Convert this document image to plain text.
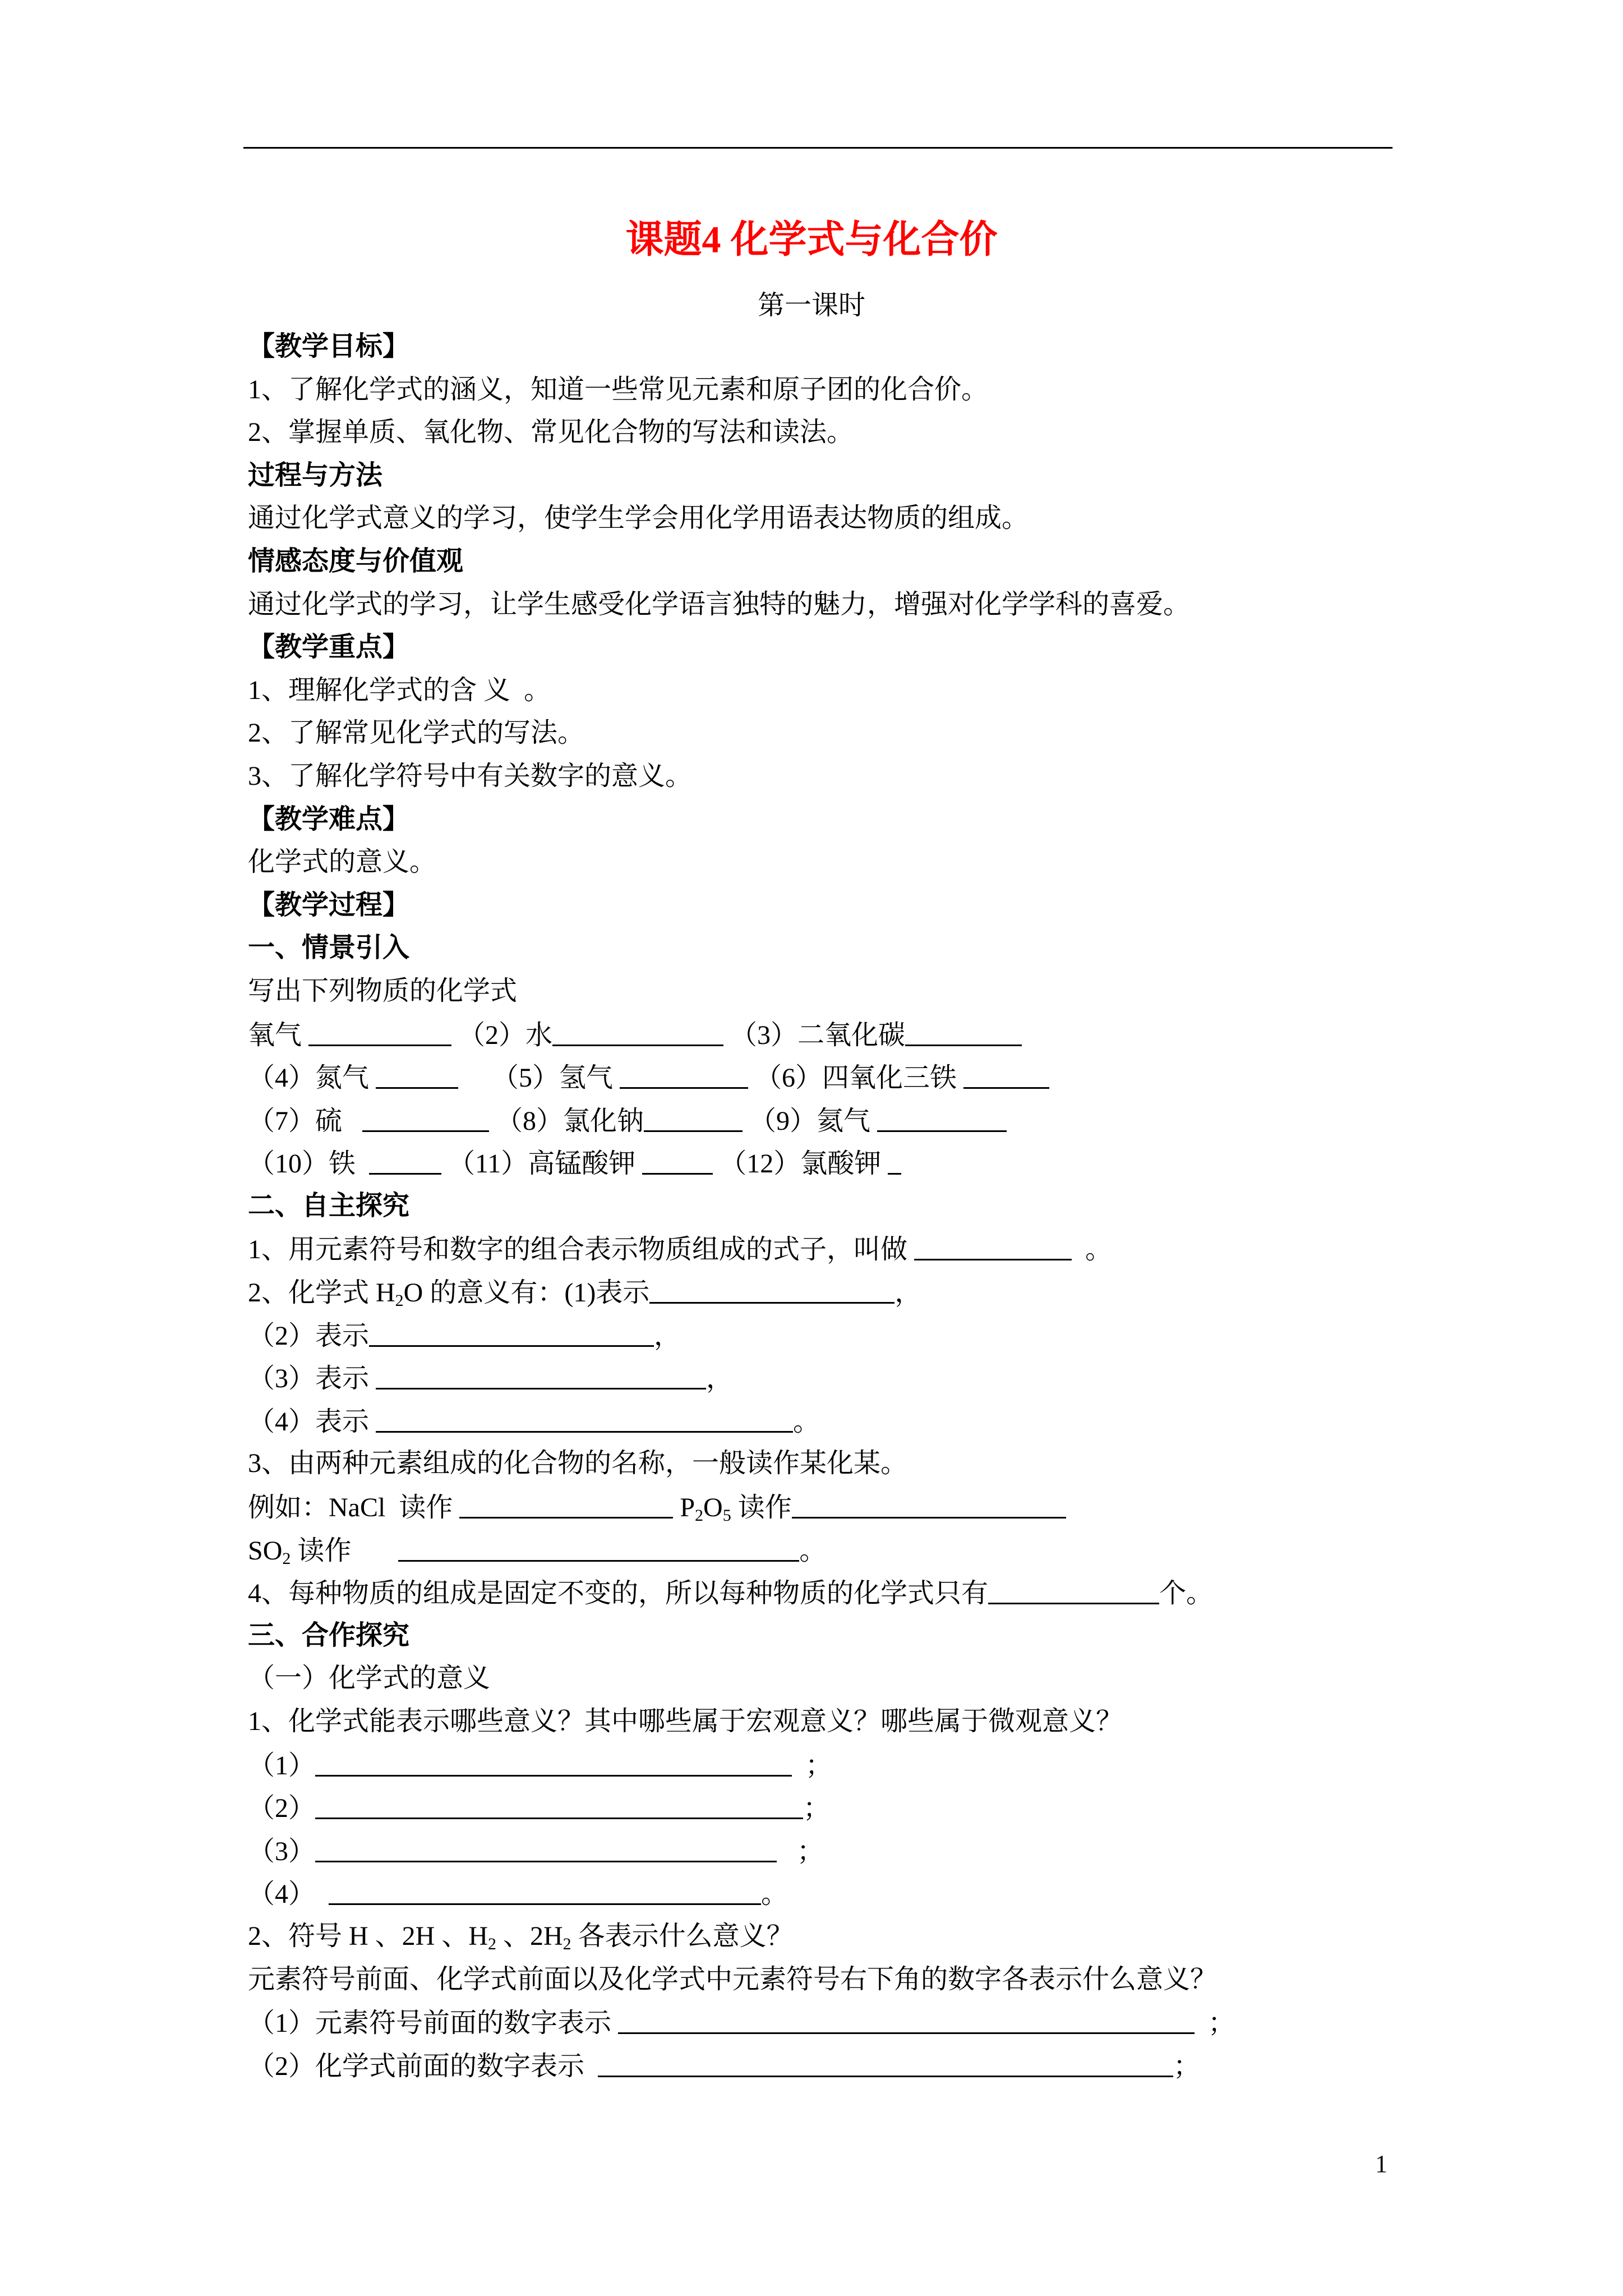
课题4 化学式与化合价
第一课时
【教学目标】
1、了解化学式的涵义，知道一些常见元素和原子团的化合价。
2、掌握单质、氧化物、常见化合物的写法和读法。
过程与方法
通过化学式意义的学习，使学生学会用化学用语表达物质的组成。
情感态度与价值观
通过化学式的学习，让学生感受化学语言独特的魅力，增强对化学学科的喜爱。
【教学重点】
1、理解化学式的含 义  。
2、了解常见化学式的写法。
3、了解化学符号中有关数字的意义。
【教学难点】
化学式的意义。
【教学过程】
一、情景引入
写出下列物质的化学式
氧气	（2）水	（3）二氧化碳
（4）氮气	（5）氢气	（6）四氧化三铁
（7）硫	（8）氯化钠	（9）氦气
（10）铁	（11）高锰酸钾	（12）氯酸钾
二、自主探究
1、用元素符号和数字的组合表示物质组成的式子，叫做	。
2、化学式 $H_2O$ 的意义有：(1)表示	，
（2）表示	，
（3）表示	，
（4）表示	。
3、由两种元素组成的化合物的名称，一般读作某化某。
例如：NaCl  读作	$P_2O_5$ 读作
$SO_2$ 读作	。
4、每种物质的组成是固定不变的，所以每种物质的化学式只有	个。
三、合作探究
（一）化学式的意义
1、化学式能表示哪些意义？其中哪些属于宏观意义？哪些属于微观意义？
（1）	；
（2）	；
（3）	；
（4）	。
2、符号 H 、2H 、$H_2$ 、$2H_2$ 各表示什么意义？
元素符号前面、化学式前面以及化学式中元素符号右下角的数字各表示什么意义？
（1）元素符号前面的数字表示	；
（2）化学式前面的数字表示	；
1
